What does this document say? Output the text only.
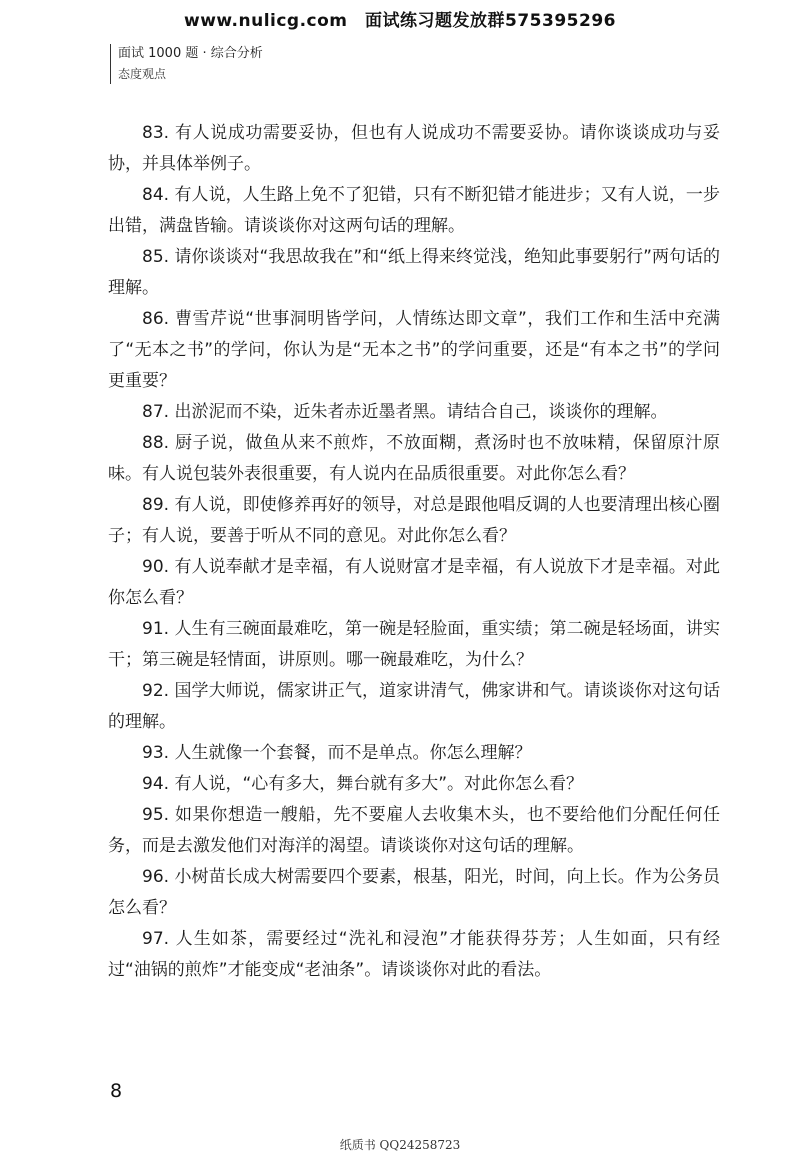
www.nulicg.com　面试练习题发放群575395296
面试 1000 题 · 综合分析
态度观点

83. 有人说成功需要妥协，但也有人说成功不需要妥协。请你谈谈成功与妥协，并具体举例子。

84. 有人说，人生路上免不了犯错，只有不断犯错才能进步；又有人说，一步出错，满盘皆输。请谈谈你对这两句话的理解。

85. 请你谈谈对“我思故我在”和“纸上得来终觉浅，绝知此事要躬行”两句话的理解。

86. 曹雪芹说“世事洞明皆学问，人情练达即文章”，我们工作和生活中充满了“无本之书”的学问，你认为是“无本之书”的学问重要，还是“有本之书”的学问更重要？

87. 出淤泥而不染，近朱者赤近墨者黑。请结合自己，谈谈你的理解。

88. 厨子说，做鱼从来不煎炸，不放面糊，煮汤时也不放味精，保留原汁原味。有人说包装外表很重要，有人说内在品质很重要。对此你怎么看？

89. 有人说，即使修养再好的领导，对总是跟他唱反调的人也要清理出核心圈子；有人说，要善于听从不同的意见。对此你怎么看？

90. 有人说奉献才是幸福，有人说财富才是幸福，有人说放下才是幸福。对此你怎么看？

91. 人生有三碗面最难吃，第一碗是轻脸面，重实绩；第二碗是轻场面，讲实干；第三碗是轻情面，讲原则。哪一碗最难吃，为什么？

92. 国学大师说，儒家讲正气，道家讲清气，佛家讲和气。请谈谈你对这句话的理解。

93. 人生就像一个套餐，而不是单点。你怎么理解？

94. 有人说，“心有多大，舞台就有多大”。对此你怎么看？

95. 如果你想造一艘船，先不要雇人去收集木头，也不要给他们分配任何任务，而是去激发他们对海洋的渴望。请谈谈你对这句话的理解。

96. 小树苗长成大树需要四个要素，根基，阳光，时间，向上长。作为公务员怎么看？

97. 人生如茶，需要经过“洗礼和浸泡”才能获得芬芳；人生如面，只有经过“油锅的煎炸”才能变成“老油条”。请谈谈你对此的看法。

8
纸质书 QQ24258723
